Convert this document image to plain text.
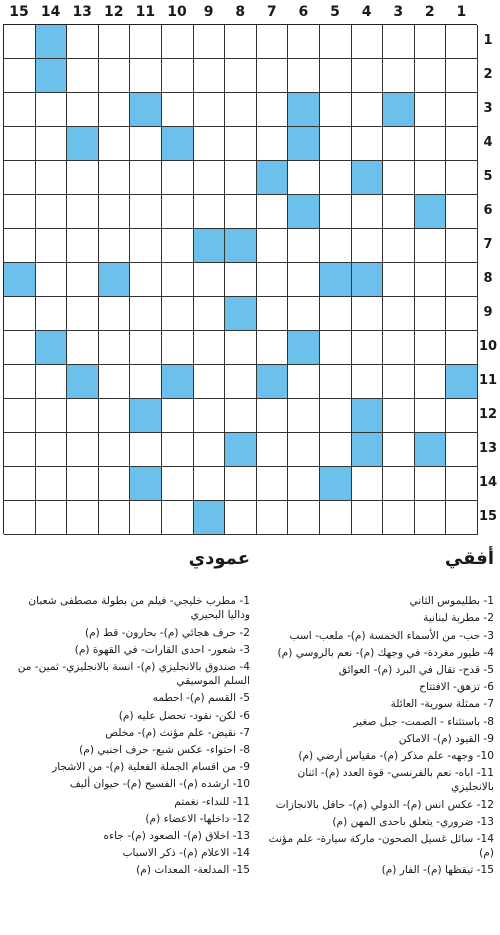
15 14 13 12 11 10	9	8	7	6	5	4	3	2	1
1
2
3
4
5
6
7
8
9
10
11
12
13
14
15
أفقي
1- بطليموس الثاني
2- مطربة لبنانية
3- حب- من الأسماء الخمسة (م)- ملعب- اسب
4- طيور مغردة- في وجهك (م)- نعم بالروسي (م)
5- قدح- تقال في البرد (م)- العوائق
6- تزهق- الافتتاح
7- ممثلة سورية- العائلة
8- باستثناء - الصمت- جبل صغير
9- القيود (م)- الاماكن
10- وجهه- علم مذكر (م)- مقياس أرضي (م)
11- اباه- نعم بالفرنسي- قوة العدد (م)- اثنان بالانجليزي
12- عكس انس (م)- الدولي (م)- حافل بالانجازات
13- ضروري- يتعلق باحدى المهن (م)
14- سائل غسيل الصحون- ماركة سيارة- علم مؤنث (م)
15- تيقظها (م)- الفار (م)
عمودي
1- مطرب خليجي- فيلم من بطولة مصطفى شعبان وداليا البحيري
2- حرف هجائي (م)- بحارون- قط (م)
3- شعور- احدى القارات- في القهوة (م)
4- صندوق بالانجليزي (م)- انسة بالانجليزي- ثمين- من السلم الموسيقي
5- القسم (م)- احطمه
6- لكن- نقود- تحصل عليه (م)
7- نقيض- علم مؤنث (م)- مخلص
8- احتواء- عكس شبع- حرف اجنبي (م)
9- من اقسام الجملة الفعلية (م)- من الاشجار
10- ارشده (م)- الفسيح (م)- حيوان أليف
11- للنداء- نغمتم
12- داخلها- الاعضاء (م)
13- اخلاق (م)- الصعود (م)- جاءه
14- الاعلام (م)- ذكر الاسباب
15- المدلعة- المعدات (م)
